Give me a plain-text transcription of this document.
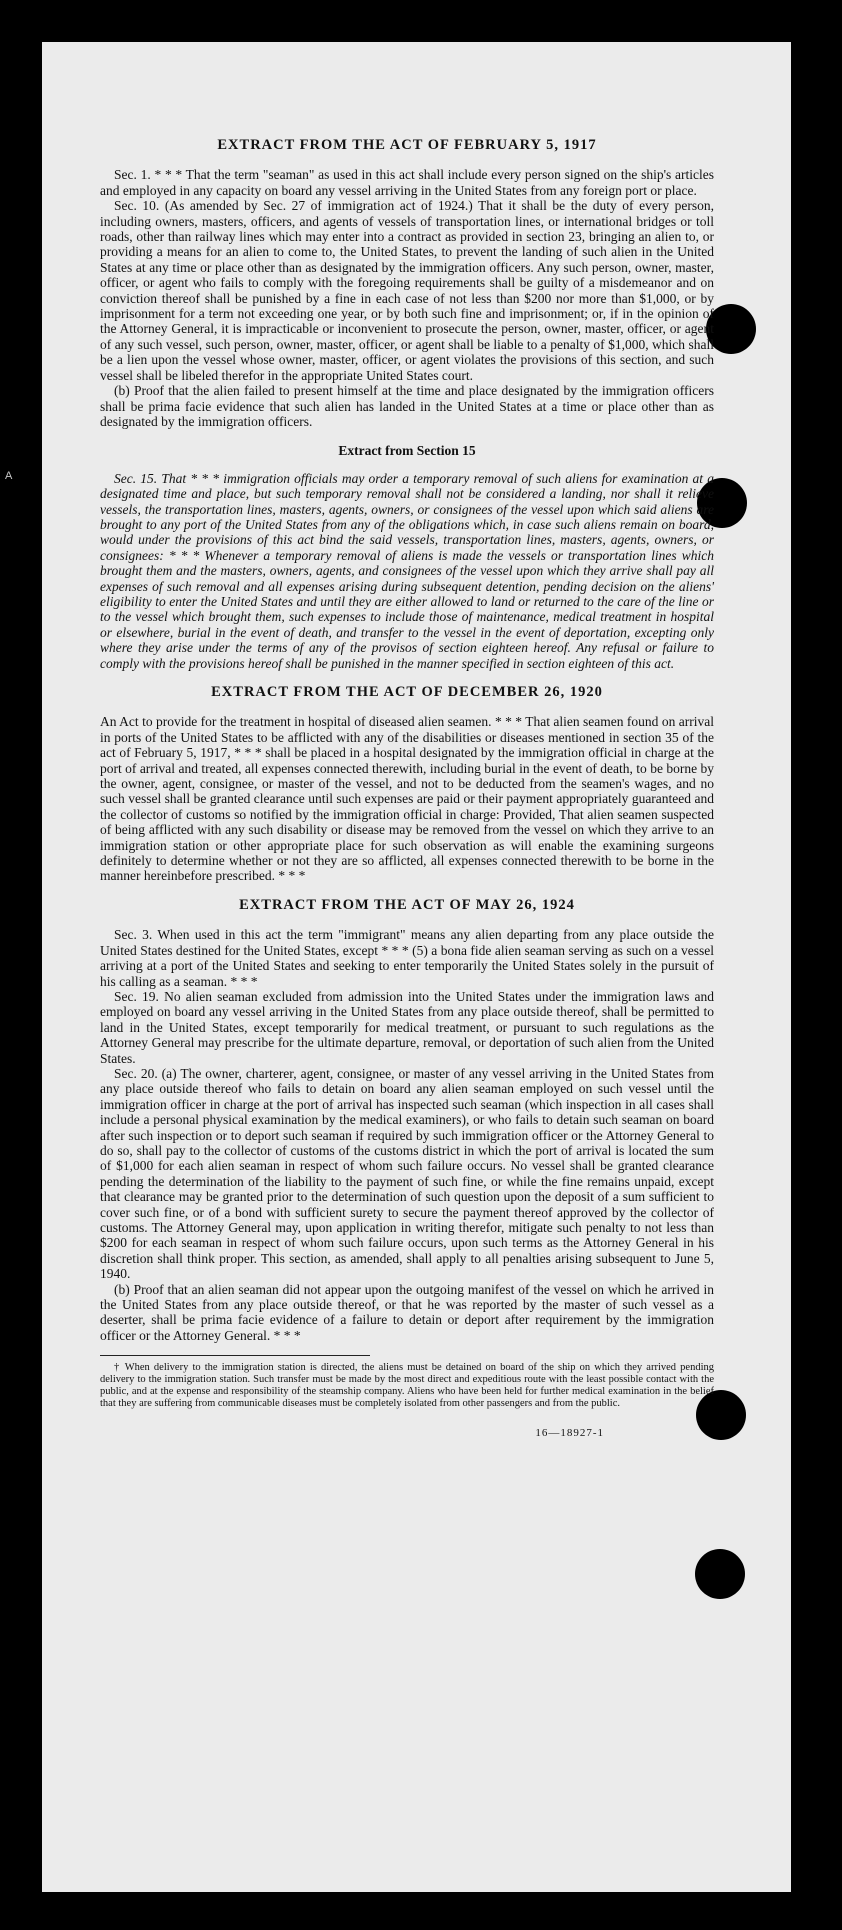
A
EXTRACT FROM THE ACT OF FEBRUARY 5, 1917

Sec. 1. * * * That the term "seaman" as used in this act shall include every person signed on the ship's articles and employed in any capacity on board any vessel arriving in the United States from any foreign port or place.

Sec. 10. (As amended by Sec. 27 of immigration act of 1924.) That it shall be the duty of every person, including owners, masters, officers, and agents of vessels of transportation lines, or international bridges or toll roads, other than railway lines which may enter into a contract as provided in section 23, bringing an alien to, or providing a means for an alien to come to, the United States, to prevent the landing of such alien in the United States at any time or place other than as designated by the immigration officers. Any such person, owner, master, officer, or agent who fails to comply with the foregoing requirements shall be guilty of a misdemeanor and on conviction thereof shall be punished by a fine in each case of not less than $200 nor more than $1,000, or by imprisonment for a term not exceeding one year, or by both such fine and imprisonment; or, if in the opinion of the Attorney General, it is impracticable or inconvenient to prosecute the person, owner, master, officer, or agent of any such vessel, such person, owner, master, officer, or agent shall be liable to a penalty of $1,000, which shall be a lien upon the vessel whose owner, master, officer, or agent violates the provisions of this section, and such vessel shall be libeled therefor in the appropriate United States court.

(b) Proof that the alien failed to present himself at the time and place designated by the immigration officers shall be prima facie evidence that such alien has landed in the United States at a time or place other than as designated by the immigration officers.

Extract from Section 15

Sec. 15. That * * * immigration officials may order a temporary removal of such aliens for examination at a designated time and place, but such temporary removal shall not be considered a landing, nor shall it relieve vessels, the transportation lines, masters, agents, owners, or consignees of the vessel upon which said aliens are brought to any port of the United States from any of the obligations which, in case such aliens remain on board, would under the provisions of this act bind the said vessels, transportation lines, masters, agents, owners, or consignees: * * * Whenever a temporary removal of aliens is made the vessels or transportation lines which brought them and the masters, owners, agents, and consignees of the vessel upon which they arrive shall pay all expenses of such removal and all expenses arising during subsequent detention, pending decision on the aliens' eligibility to enter the United States and until they are either allowed to land or returned to the care of the line or to the vessel which brought them, such expenses to include those of maintenance, medical treatment in hospital or elsewhere, burial in the event of death, and transfer to the vessel in the event of deportation, excepting only where they arise under the terms of any of the provisos of section eighteen hereof. Any refusal or failure to comply with the provisions hereof shall be punished in the manner specified in section eighteen of this act.

EXTRACT FROM THE ACT OF DECEMBER 26, 1920

An Act to provide for the treatment in hospital of diseased alien seamen. * * * That alien seamen found on arrival in ports of the United States to be afflicted with any of the disabilities or diseases mentioned in section 35 of the act of February 5, 1917, * * * shall be placed in a hospital designated by the immigration official in charge at the port of arrival and treated, all expenses connected therewith, including burial in the event of death, to be borne by the owner, agent, consignee, or master of the vessel, and not to be deducted from the seamen's wages, and no such vessel shall be granted clearance until such expenses are paid or their payment appropriately guaranteed and the collector of customs so notified by the immigration official in charge: Provided, That alien seamen suspected of being afflicted with any such disability or disease may be removed from the vessel on which they arrive to an immigration station or other appropriate place for such observation as will enable the examining surgeons definitely to determine whether or not they are so afflicted, all expenses connected therewith to be borne in the manner hereinbefore prescribed. * * *

EXTRACT FROM THE ACT OF MAY 26, 1924

Sec. 3. When used in this act the term "immigrant" means any alien departing from any place outside the United States destined for the United States, except * * * (5) a bona fide alien seaman serving as such on a vessel arriving at a port of the United States and seeking to enter temporarily the United States solely in the pursuit of his calling as a seaman. * * *

Sec. 19. No alien seaman excluded from admission into the United States under the immigration laws and employed on board any vessel arriving in the United States from any place outside thereof, shall be permitted to land in the United States, except temporarily for medical treatment, or pursuant to such regulations as the Attorney General may prescribe for the ultimate departure, removal, or deportation of such alien from the United States.

Sec. 20. (a) The owner, charterer, agent, consignee, or master of any vessel arriving in the United States from any place outside thereof who fails to detain on board any alien seaman employed on such vessel until the immigration officer in charge at the port of arrival has inspected such seaman (which inspection in all cases shall include a personal physical examination by the medical examiners), or who fails to detain such seaman on board after such inspection or to deport such seaman if required by such immigration officer or the Attorney General to do so, shall pay to the collector of customs of the customs district in which the port of arrival is located the sum of $1,000 for each alien seaman in respect of whom such failure occurs. No vessel shall be granted clearance pending the determination of the liability to the payment of such fine, or while the fine remains unpaid, except that clearance may be granted prior to the determination of such question upon the deposit of a sum sufficient to cover such fine, or of a bond with sufficient surety to secure the payment thereof approved by the collector of customs. The Attorney General may, upon application in writing therefor, mitigate such penalty to not less than $200 for each seaman in respect of whom such failure occurs, upon such terms as the Attorney General in his discretion shall think proper. This section, as amended, shall apply to all penalties arising subsequent to June 5, 1940.

(b) Proof that an alien seaman did not appear upon the outgoing manifest of the vessel on which he arrived in the United States from any place outside thereof, or that he was reported by the master of such vessel as a deserter, shall be prima facie evidence of a failure to detain or deport after requirement by the immigration officer or the Attorney General. * * *

† When delivery to the immigration station is directed, the aliens must be detained on board of the ship on which they arrived pending delivery to the immigration station. Such transfer must be made by the most direct and expeditious route with the least possible contact with the public, and at the expense and responsibility of the steamship company. Aliens who have been held for further medical examination in the belief that they are suffering from communicable diseases must be completely isolated from other passengers and from the public.
16—18927-1
